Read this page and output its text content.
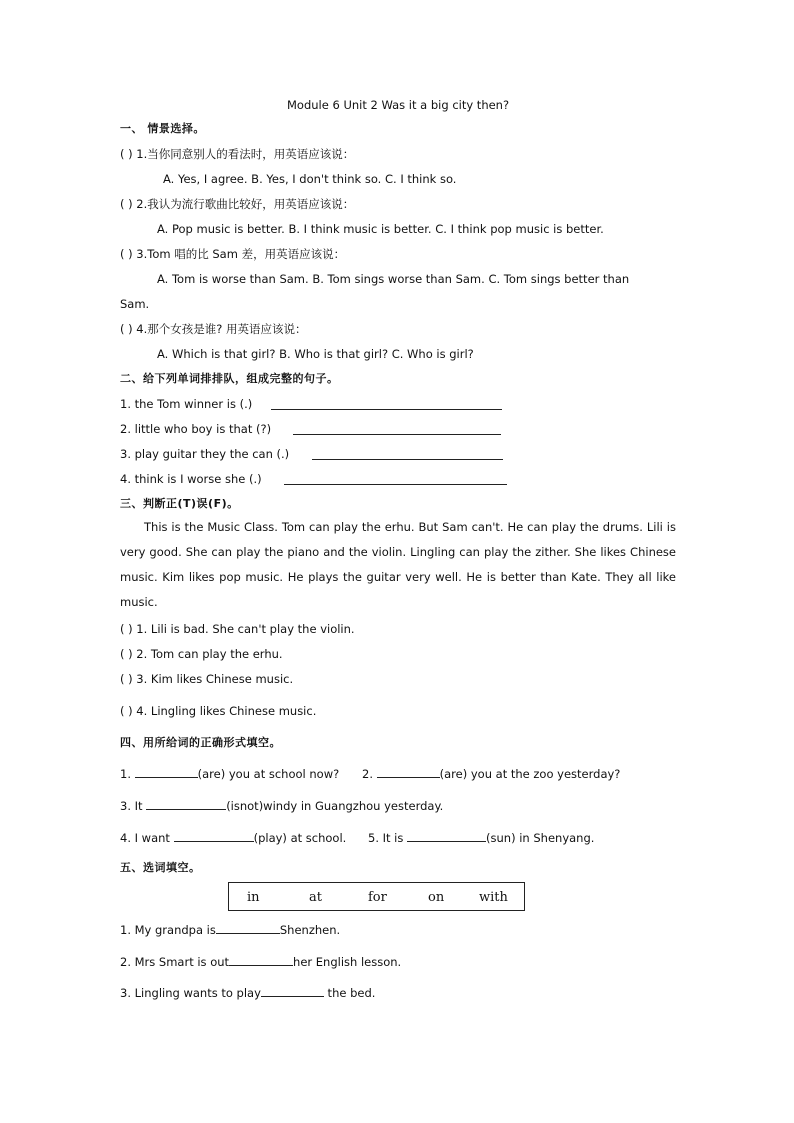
Module 6 Unit 2 Was it a big city then?
一、 情景选择。
( ) 1.当你同意别人的看法时，用英语应该说：
A. Yes, I agree. B. Yes, I don't think so. C. I think so.
( ) 2.我认为流行歌曲比较好，用英语应该说：
A. Pop music is better. B. I think music is better. C. I think pop music is better.
( ) 3.Tom 唱的比 Sam 差，用英语应该说：
A. Tom is worse than Sam. B. Tom sings worse than Sam. C. Tom sings better than
Sam.
( ) 4.那个女孩是谁? 用英语应该说：
A. Which is that girl? B. Who is that girl? C. Who is girl?
二、给下列单词排排队，组成完整的句子。
1. the Tom winner is (.)
2. little who boy is that (?)
3. play guitar they the can (.)
4. think is I worse she (.)
三、判断正(T)误(F)。
This is the Music Class. Tom can play the erhu. But Sam can't. He can play the drums. Lili is very good. She can play the piano and the violin. Lingling can play the zither. She likes Chinese music. Kim likes pop music. He plays the guitar very well. He is better than Kate. They all like music.
( ) 1. Lili is bad. She can't play the violin.
( ) 2. Tom can play the erhu.
( ) 3. Kim likes Chinese music.
( ) 4. Lingling likes Chinese music.
四、用所给词的正确形式填空。
1.	(are) you at school now? 2.	(are) you at the zoo yesterday?
3. It	(isnot)windy in Guangzhou yesterday.
4. I want	(play) at school. 5. It is	(sun) in Shenyang.
五、选词填空。
in	at	for	on	with
1. My grandpa is	Shenzhen.
2. Mrs Smart is out	her English lesson.
3. Lingling wants to play	the bed.
